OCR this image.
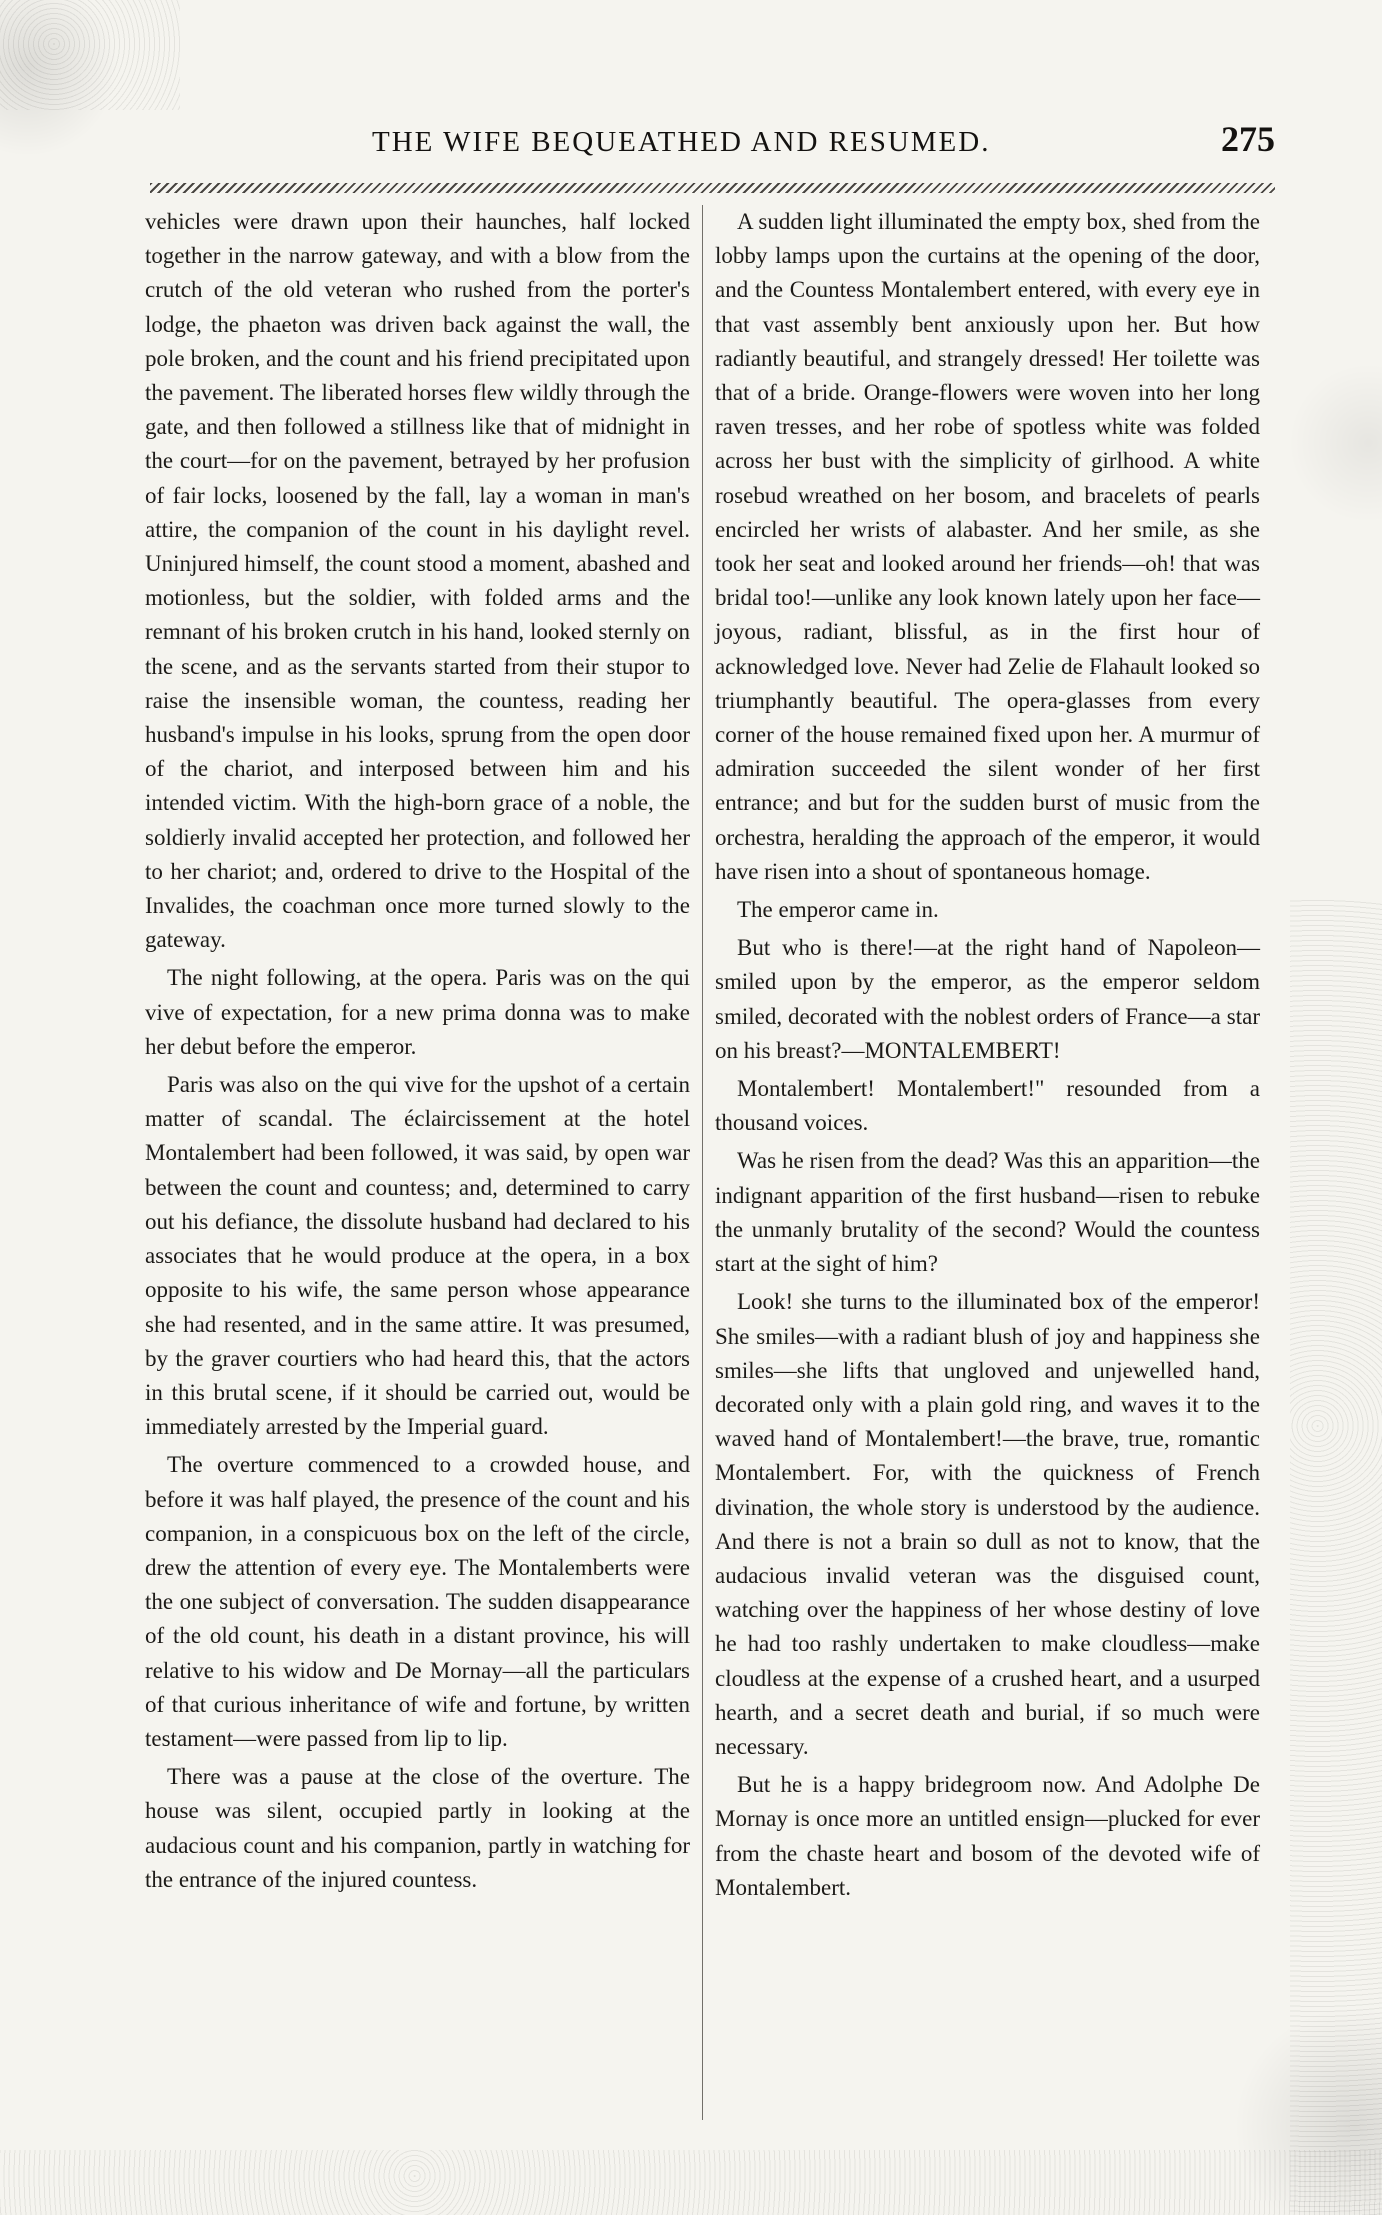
THE WIFE BEQUEATHED AND RESUMED.	275

vehicles were drawn upon their haunches, half locked together in the narrow gateway, and with a blow from the crutch of the old veteran who rushed from the porter's lodge, the phaeton was driven back against the wall, the pole broken, and the count and his friend precipitated upon the pavement. The liberated horses flew wildly through the gate, and then followed a stillness like that of midnight in the court—for on the pavement, betrayed by her profusion of fair locks, loosened by the fall, lay a woman in man's attire, the companion of the count in his daylight revel. Uninjured himself, the count stood a moment, abashed and motionless, but the soldier, with folded arms and the remnant of his broken crutch in his hand, looked sternly on the scene, and as the servants started from their stupor to raise the insensible woman, the countess, reading her husband's impulse in his looks, sprung from the open door of the chariot, and interposed between him and his intended victim. With the high-born grace of a noble, the soldierly invalid accepted her protection, and followed her to her chariot; and, ordered to drive to the Hospital of the Invalides, the coachman once more turned slowly to the gateway.

The night following, at the opera. Paris was on the qui vive of expectation, for a new prima donna was to make her debut before the emperor.

Paris was also on the qui vive for the upshot of a certain matter of scandal. The éclaircissement at the hotel Montalembert had been followed, it was said, by open war between the count and countess; and, determined to carry out his defiance, the dissolute husband had declared to his associates that he would produce at the opera, in a box opposite to his wife, the same person whose appearance she had resented, and in the same attire. It was presumed, by the graver courtiers who had heard this, that the actors in this brutal scene, if it should be carried out, would be immediately arrested by the Imperial guard.

The overture commenced to a crowded house, and before it was half played, the presence of the count and his companion, in a conspicuous box on the left of the circle, drew the attention of every eye. The Montalemberts were the one subject of conversation. The sudden disappearance of the old count, his death in a distant province, his will relative to his widow and De Mornay—all the particulars of that curious inheritance of wife and fortune, by written testament—were passed from lip to lip.

There was a pause at the close of the overture. The house was silent, occupied partly in looking at the audacious count and his companion, partly in watching for the entrance of the injured countess.

A sudden light illuminated the empty box, shed from the lobby lamps upon the curtains at the opening of the door, and the Countess Montalembert entered, with every eye in that vast assembly bent anxiously upon her. But how radiantly beautiful, and strangely dressed! Her toilette was that of a bride. Orange-flowers were woven into her long raven tresses, and her robe of spotless white was folded across her bust with the simplicity of girlhood. A white rosebud wreathed on her bosom, and bracelets of pearls encircled her wrists of alabaster. And her smile, as she took her seat and looked around her friends—oh! that was bridal too!—unlike any look known lately upon her face—joyous, radiant, blissful, as in the first hour of acknowledged love. Never had Zelie de Flahault looked so triumphantly beautiful. The opera-glasses from every corner of the house remained fixed upon her. A murmur of admiration succeeded the silent wonder of her first entrance; and but for the sudden burst of music from the orchestra, heralding the approach of the emperor, it would have risen into a shout of spontaneous homage.

The emperor came in.

But who is there!—at the right hand of Napoleon—smiled upon by the emperor, as the emperor seldom smiled, decorated with the noblest orders of France—a star on his breast?—MONTALEMBERT!

Montalembert! Montalembert!" resounded from a thousand voices.

Was he risen from the dead? Was this an apparition—the indignant apparition of the first husband—risen to rebuke the unmanly brutality of the second? Would the countess start at the sight of him?

Look! she turns to the illuminated box of the emperor! She smiles—with a radiant blush of joy and happiness she smiles—she lifts that ungloved and unjewelled hand, decorated only with a plain gold ring, and waves it to the waved hand of Montalembert!—the brave, true, romantic Montalembert. For, with the quickness of French divination, the whole story is understood by the audience. And there is not a brain so dull as not to know, that the audacious invalid veteran was the disguised count, watching over the happiness of her whose destiny of love he had too rashly undertaken to make cloudless—make cloudless at the expense of a crushed heart, and a usurped hearth, and a secret death and burial, if so much were necessary.

But he is a happy bridegroom now. And Adolphe De Mornay is once more an untitled ensign—plucked for ever from the chaste heart and bosom of the devoted wife of Montalembert.
